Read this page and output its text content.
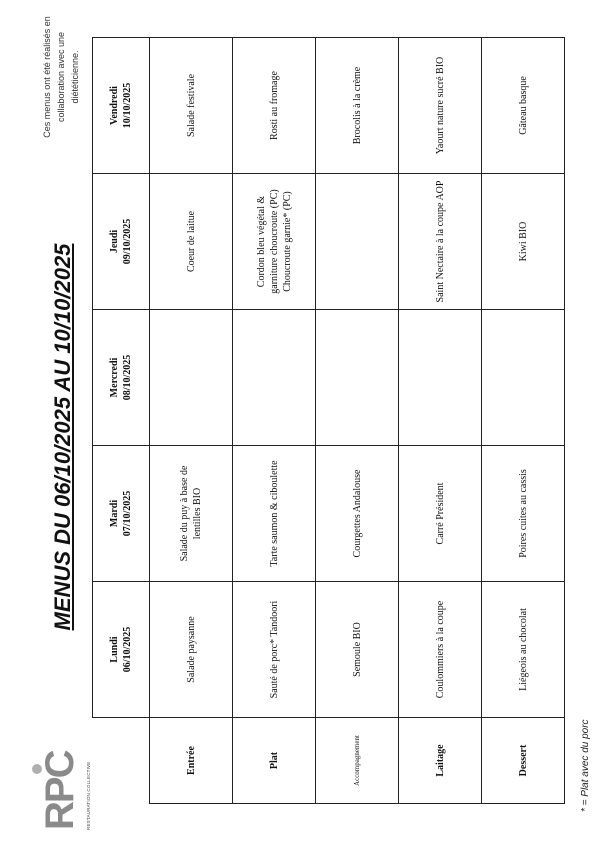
RPC RESTAURATION COLLECTIVE
MENUS DU 06/10/2025 AU 10/10/2025
Ces menus ont été réalisés en collaboration avec une diététicienne.
	Lundi 06/10/2025	Mardi 07/10/2025	Mercredi 08/10/2025	Jeudi 09/10/2025	Vendredi 10/10/2025
Entrée	Salade paysanne	Salade du puy à base de lentilles BIO		Coeur de laitue	Salade festivale
Plat	Sauté de porc* Tandoori	Tarte saumon & ciboulette		Cordon bleu végétal & garniture choucroute (PC) Choucroute garnie* (PC)	Rosti au fromage
Accompagnement	Semoule BIO	Courgettes Andalouse			Brocolis à la crème
Laitage	Coulommiers à la coupe	Carré Président		Saint Nectaire à la coupe AOP	Yaourt nature sucré BIO
Dessert	Liégeois au chocolat	Poires cuites au cassis		Kiwi BIO	Gâteau basque
* = Plat avec du porc
